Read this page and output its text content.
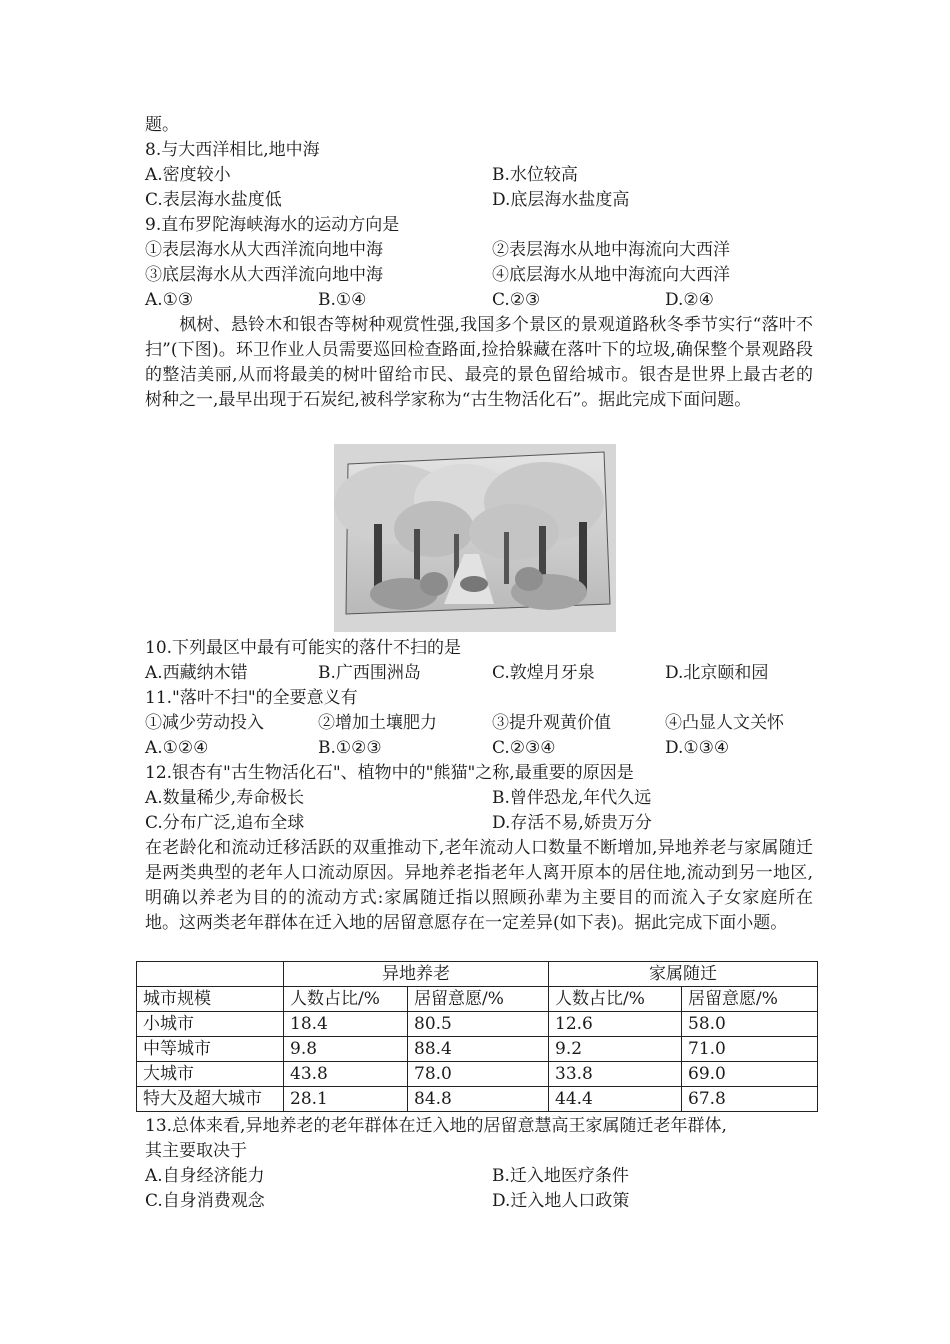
题。
8.与大西洋相比,地中海
A.密度较小	B.水位较高
C.表层海水盐度低	D.底层海水盐度高
9.直布罗陀海峡海水的运动方向是
①表层海水从大西洋流向地中海	②表层海水从地中海流向大西洋
③底层海水从大西洋流向地中海	④底层海水从地中海流向大西洋
A.①③	B.①④	C.②③	D.②④
枫树、悬铃木和银杏等树种观赏性强,我国多个景区的景观道路秋冬季节实行“落叶不扫”(下图)。环卫作业人员需要巡回检查路面,捡拾躲藏在落叶下的垃圾,确保整个景观路段的整洁美丽,从而将最美的树叶留给市民、最亮的景色留给城市。银杏是世界上最古老的树种之一,最早出现于石炭纪,被科学家称为“古生物活化石”。据此完成下面问题。
10.下列最区中最有可能实的落什不扫的是
A.西藏纳木错	B.广西围洲岛	C.敦煌月牙泉	D.北京颐和园
11."落叶不扫"的全要意义有
①减少劳动投入	②增加土壤肥力	③提升观黄价值	④凸显人文关怀
A.①②④	B.①②③	C.②③④	D.①③④
12.银杏有"古生物活化石"、植物中的"熊猫"之称,最重要的原因是
A.数量稀少,寿命极长	B.曾伴恐龙,年代久远
C.分布广泛,追布全球	D.存活不易,娇贵万分
在老龄化和流动迁移活跃的双重推动下,老年流动人口数量不断增加,异地养老与家属随迁是两类典型的老年人口流动原因。异地养老指老年人离开原本的居住地,流动到另一地区,明确以养老为目的的流动方式:家属随迁指以照顾孙辈为主要目的而流入子女家庭所在地。这两类老年群体在迁入地的居留意愿存在一定差异(如下表)。据此完成下面小题。
	异地养老		家属随迁	
城市规模	人数占比/%	居留意愿/%	人数占比/%	居留意愿/%
小城市	18.4	80.5	12.6	58.0
中等城市	9.8	88.4	9.2	71.0
大城市	43.8	78.0	33.8	69.0
特大及超大城市	28.1	84.8	44.4	67.8
13.总体来看,异地养老的老年群体在迁入地的居留意慧高王家属随迁老年群体,
其主要取决于
A.自身经济能力	B.迁入地医疗条件
C.自身消费观念	D.迁入地人口政策
